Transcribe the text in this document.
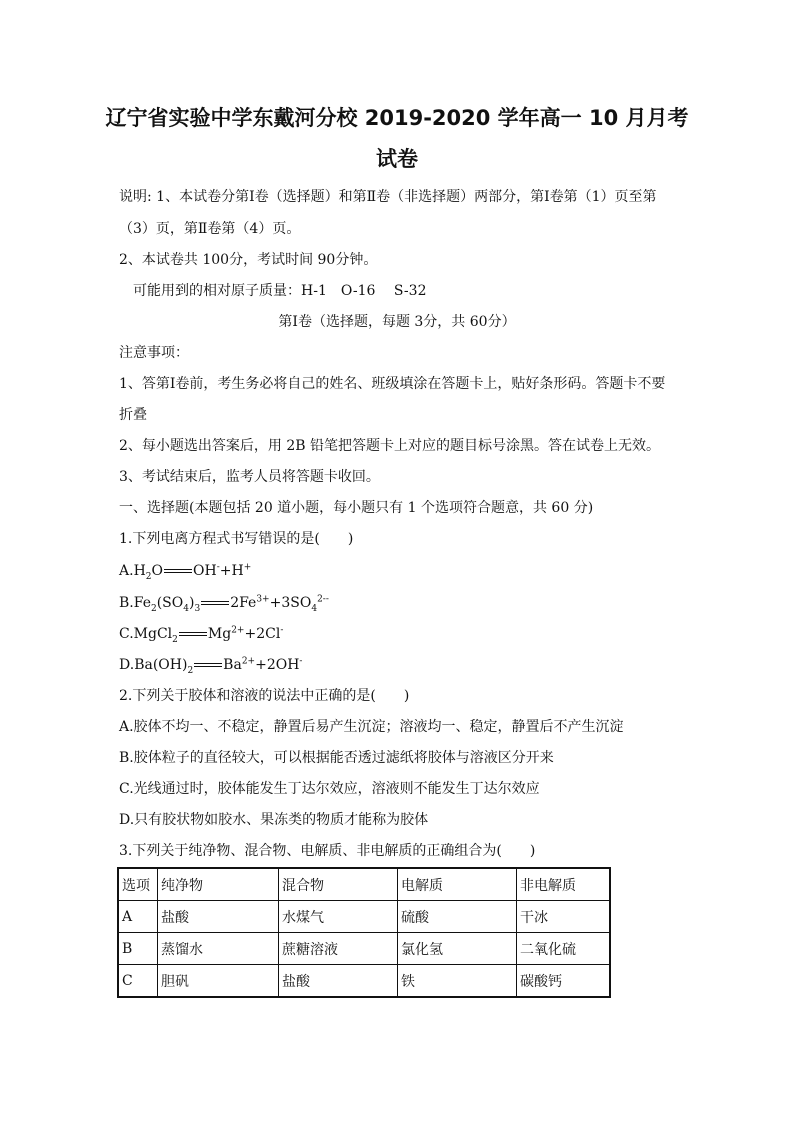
辽宁省实验中学东戴河分校 2019-2020 学年高一 10 月月考
试卷
说明: 1、本试卷分第Ⅰ卷（选择题）和第Ⅱ卷（非选择题）两部分，第Ⅰ卷第（1）页至第
（3）页，第Ⅱ卷第（4）页。
2、本试卷共 100分，考试时间 90分钟。
可能用到的相对原子质量：H-1　O-16　 S-32
第Ⅰ卷（选择题，每题 3分，共 60分）
注意事项：
1、答第Ⅰ卷前，考生务必将自己的姓名、班级填涂在答题卡上，贴好条形码。答题卡不要
折叠
2、每小题选出答案后，用 2B 铅笔把答题卡上对应的题目标号涂黑。答在试卷上无效。
3、考试结束后，监考人员将答题卡收回。
一、选择题(本题包括 20 道小题，每小题只有 1 个选项符合题意，共 60 分)
1.下列电离方程式书写错误的是(　　)
$A.H_2O$ OH-+H+
$B.Fe_2(SO_4)_3$ $2Fe^{3+}+3SO_4^{2--}$
C.MgCl$_2$ $Mg^{2+}+2Cl^-$
$D.Ba(OH)_2$ $Ba^{2+}+2OH^-$
2.下列关于胶体和溶液的说法中正确的是(　　)
A.胶体不均一、不稳定，静置后易产生沉淀；溶液均一、稳定，静置后不产生沉淀
B.胶体粒子的直径较大，可以根据能否透过滤纸将胶体与溶液区分开来
C.光线通过时，胶体能发生丁达尔效应，溶液则不能发生丁达尔效应
D.只有胶状物如胶水、果冻类的物质才能称为胶体
3.下列关于纯净物、混合物、电解质、非电解质的正确组合为(　　)
选项	纯净物	混合物	电解质	非电解质
A	盐酸	水煤气	硫酸	干冰
B	蒸馏水	蔗糖溶液	氯化氢	二氧化硫
C	胆矾	盐酸	铁	碳酸钙
